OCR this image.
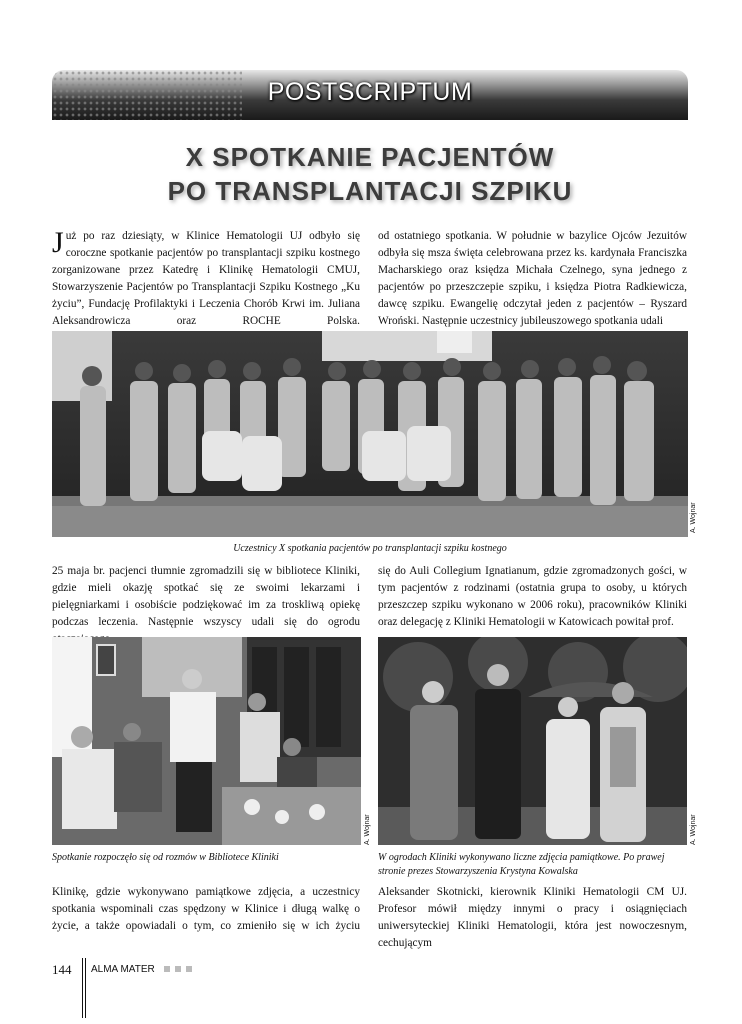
POSTSCRIPTUM
X SPOTKANIE PACJENTÓW
PO TRANSPLANTACJI SZPIKU

Już po raz dziesiąty, w Klinice Hematologii UJ odbyło się coroczne spotkanie pacjentów po transplantacji szpiku kostnego zorganizowane przez Katedrę i Klinikę Hematologii CMUJ, Stowarzyszenie Pacjentów po Transplantacji Szpiku Kostnego „Ku życiu”, Fundację Profilaktyki i Leczenia Chorób Krwi im. Juliana Aleksandrowicza oraz ROCHE Polska.

od ostatniego spotkania. W południe w bazylice Ojców Jezuitów odbyła się msza święta celebrowana przez ks. kardynała Franciszka Macharskiego oraz księdza Michała Czelnego, syna jednego z pacjentów po przeszczepie szpiku, i księdza Piotra Radkiewicza, dawcę szpiku. Ewangelię odczytał jeden z pacjentów – Ryszard Wroński. Następnie uczestnicy jubileuszowego spotkania udali

A. Wojnar
Uczestnicy X spotkania pacjentów po transplantacji szpiku kostnego

25 maja br. pacjenci tłumnie zgromadzili się w bibliotece Kliniki, gdzie mieli okazję spotkać się ze swoimi lekarzami i pielęgniarkami i osobiście podziękować im za troskliwą opiekę podczas leczenia. Następnie wszyscy udali się do ogrodu

się do Auli Collegium Ignatianum, gdzie zgromadzonych gości, w tym pacjentów z rodzinami (ostatnia grupa to osoby, u których przeszczep szpiku wykonano w 2006 roku), pracowników Kliniki oraz delegację z Kliniki Hematologii w Katowicach powitał prof.

A. Wojnar
Spotkanie rozpoczęło się od rozmów w Bibliotece Kliniki
A. Wojnar
W ogrodach Kliniki wykonywano liczne zdjęcia pamiątkowe. Po prawej
stronie prezes Stowarzyszenia Krystyna Kowalska

Klinikę, gdzie wykonywano pamiątkowe zdjęcia, a uczestnicy spotkania wspominali czas spędzony w Klinice i długą walkę o życie, a także opowiadali o tym, co zmieniło się w ich życiu

Aleksander Skotnicki, kierownik Kliniki Hematologii CM UJ. Profesor mówił między innymi o pracy i osiągnięciach uniwersyteckiej Kliniki Hematologii, która jest nowoczesnym, cechującym

144 ALMA MATER
